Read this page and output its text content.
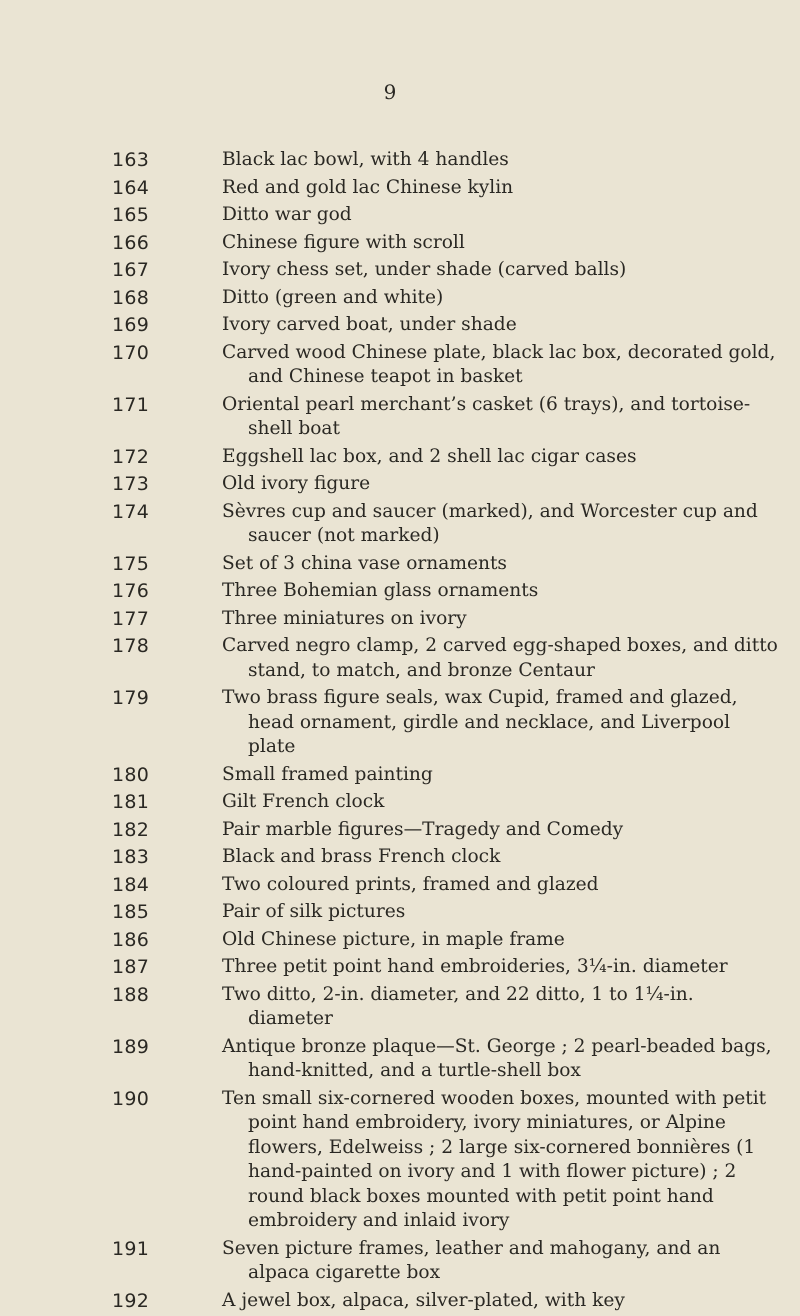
9
163	Black lac bowl, with 4 handles
164	Red and gold lac Chinese kylin
165	Ditto war god
166	Chinese figure with scroll
167	Ivory chess set, under shade (carved balls)
168	Ditto (green and white)
169	Ivory carved boat, under shade
170	Carved wood Chinese plate, black lac box, decorated gold, and Chinese teapot in basket
171	Oriental pearl merchant’s casket (6 trays), and tortoise-shell boat
172	Eggshell lac box, and 2 shell lac cigar cases
173	Old ivory figure
174	Sèvres cup and saucer (marked), and Worcester cup and saucer (not marked)
175	Set of 3 china vase ornaments
176	Three Bohemian glass ornaments
177	Three miniatures on ivory
178	Carved negro clamp, 2 carved egg-shaped boxes, and ditto stand, to match, and bronze Centaur
179	Two brass figure seals, wax Cupid, framed and glazed, head ornament, girdle and necklace, and Liverpool plate
180	Small framed painting
181	Gilt French clock
182	Pair marble figures—Tragedy and Comedy
183	Black and brass French clock
184	Two coloured prints, framed and glazed
185	Pair of silk pictures
186	Old Chinese picture, in maple frame
187	Three petit point hand embroideries, 3¼-in. diameter
188	Two ditto, 2-in. diameter, and 22 ditto, 1 to 1¼-in. diameter
189	Antique bronze plaque—St. George ; 2 pearl-beaded bags, hand-knitted, and a turtle-shell box
190	Ten small six-cornered wooden boxes, mounted with petit point hand embroidery, ivory miniatures, or Alpine flowers, Edelweiss ; 2 large six-cornered bonnières (1 hand-painted on ivory and 1 with flower picture) ; 2 round black boxes mounted with petit point hand embroidery and inlaid ivory
191	Seven picture frames, leather and mahogany, and an alpaca cigarette box
192	A jewel box, alpaca, silver-plated, with key
